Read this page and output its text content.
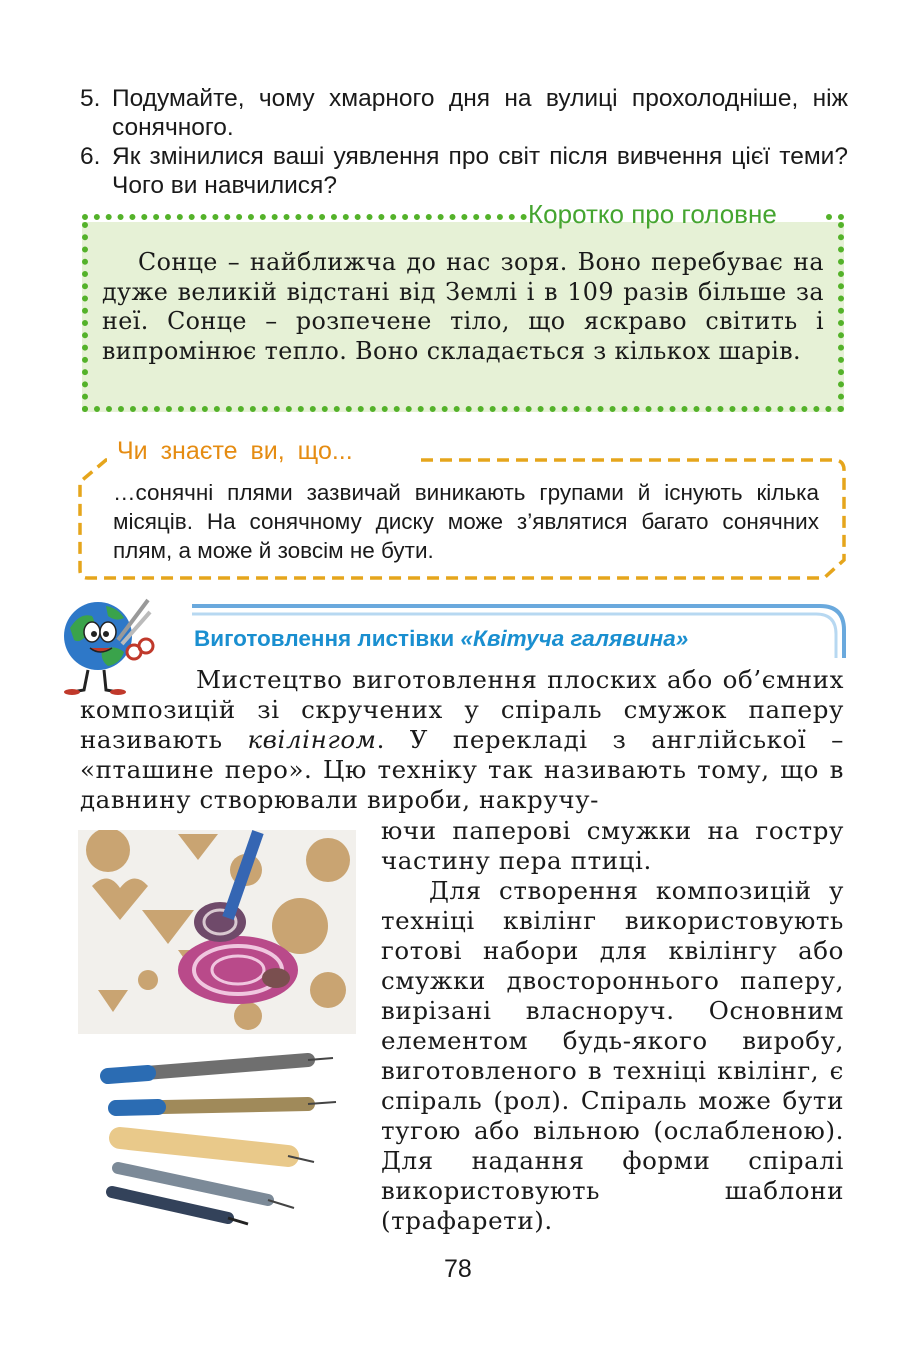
5. Подумайте, чому хмарного дня на вулиці прохолодніше, ніж сонячного.
6. Як змінилися ваші уявлення про світ після вивчення цієї теми? Чого ви навчилися?
Коротко про головне
Сонце – найближча до нас зоря. Воно перебуває на дуже великій відстані від Землі і в 109 разів більше за неї. Сонце – розпечене тіло, що яскраво світить і випромінює тепло. Воно складається з кількох шарів.
Чи знаєте ви, що...
…сонячні плями зазвичай виникають групами й існують кілька місяців. На сонячному диску може з’являтися багато сонячних плям, а може й зовсім не бути.
Виготовлення листівки «Квітуча галявина»
Мистецтво виготовлення плоских або об’ємних композицій зі скручених у спіраль смужок паперу називають квілінгом. У перекладі з англійської – «пташине перо». Цю техніку так називають тому, що в давнину створювали вироби, накручу-

ючи паперові смужки на гостру частину пера птиці.

Для створення композицій у техніці квілінг використовують готові набори для квілінгу або смужки двостороннього паперу, вирізані власноруч. Основним елементом будь-якого виробу, виготовленого в техніці квілінг, є спіраль (рол). Спіраль може бути тугою або вільною (ослабленою). Для надання форми спіралі використовують шаблони (трафарети).

78
